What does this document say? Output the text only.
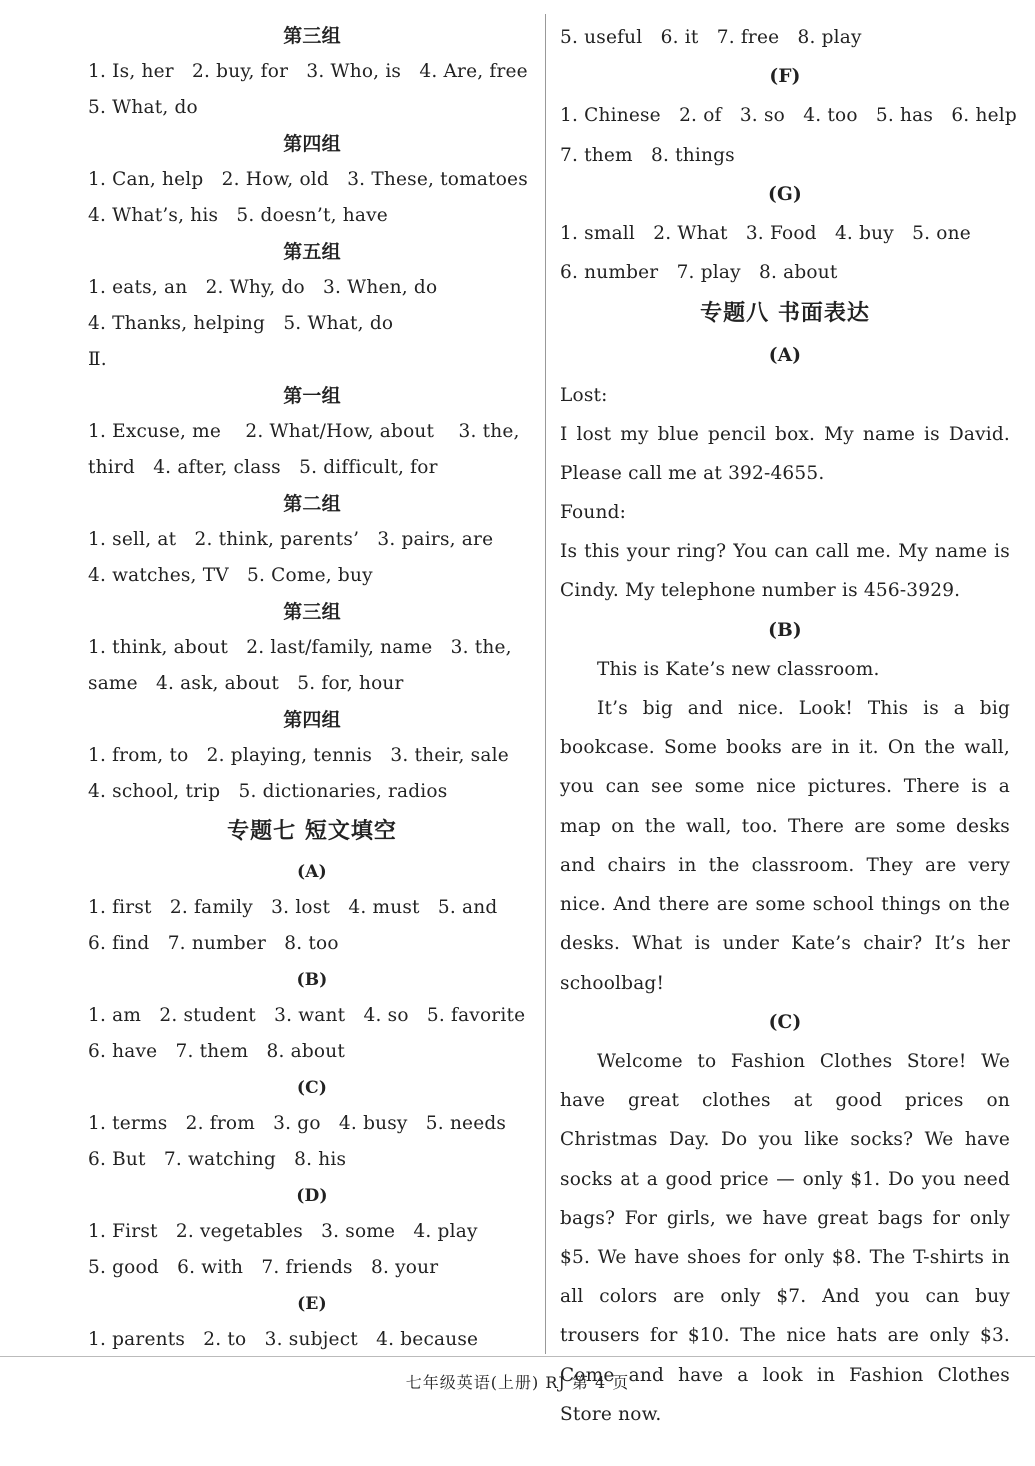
第三组
1. Is, her   2. buy, for   3. Who, is   4. Are, free
5. What, do
第四组
1. Can, help   2. How, old   3. These, tomatoes
4. What’s, his   5. doesn’t, have
第五组
1. eats, an   2. Why, do   3. When, do
4. Thanks, helping   5. What, do
Ⅱ.
第一组
1. Excuse, me    2. What/How, about    3. the,
third   4. after, class   5. difficult, for
第二组
1. sell, at   2. think, parents’   3. pairs, are
4. watches, TV   5. Come, buy
第三组
1. think, about   2. last/family, name   3. the,
same   4. ask, about   5. for, hour
第四组
1. from, to   2. playing, tennis   3. their, sale
4. school, trip   5. dictionaries, radios
专题七 短文填空
(A)
1. first   2. family   3. lost   4. must   5. and
6. find   7. number   8. too
(B)
1. am   2. student   3. want   4. so   5. favorite
6. have   7. them   8. about
(C)
1. terms   2. from   3. go   4. busy   5. needs
6. But   7. watching   8. his
(D)
1. First   2. vegetables   3. some   4. play
5. good   6. with   7. friends   8. your
(E)
1. parents   2. to   3. subject   4. because
5. useful   6. it   7. free   8. play
(F)
1. Chinese   2. of   3. so   4. too   5. has   6. help
7. them   8. things
(G)
1. small   2. What   3. Food   4. buy   5. one
6. number   7. play   8. about
专题八 书面表达
(A)
Lost:
I lost my blue pencil box. My name is David. Please call me at 392-4655.
Found:
Is this your ring? You can call me. My name is Cindy. My telephone number is 456-3929.
(B)
This is Kate’s new classroom.
It’s big and nice. Look! This is a big bookcase. Some books are in it. On the wall, you can see some nice pictures. There is a map on the wall, too. There are some desks and chairs in the classroom. They are very nice. And there are some school things on the desks. What is under Kate’s chair? It’s her schoolbag!
(C)
Welcome to Fashion Clothes Store! We have great clothes at good prices on Christmas Day. Do you like socks? We have socks at a good price — only $1. Do you need bags? For girls, we have great bags for only $5. We have shoes for only $8. The T-shirts in all colors are only $7. And you can buy trousers for $10. The nice hats are only $3. Come and have a look in Fashion Clothes Store now.
七年级英语(上册) RJ 第 4 页
